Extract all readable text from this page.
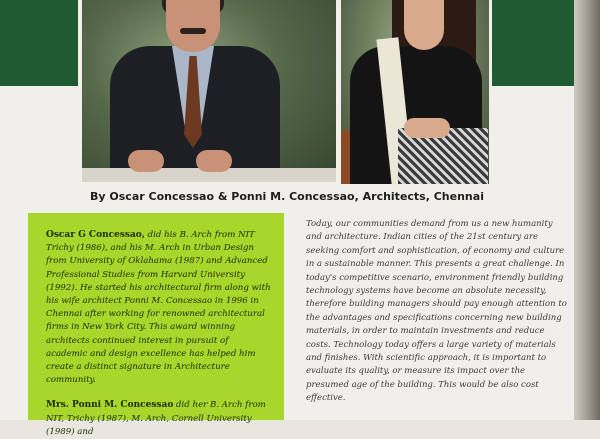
By Oscar Concessao & Ponni M. Concessao, Architects, Chennai

Oscar G Concessao, did his B. Arch from NIT Trichy (1986), and his M. Arch in Urban Design from University of Oklahama (1987) and Advanced Professional Studies from Harvard University (1992). He started his architectural firm along with his wife architect Ponni M. Concessao in 1996 in Chennai after working for renowned architectural firms in New York City. This award winning architects continued interest in pursuit of academic and design excellence has helped him create a distinct signature in Architecture community.

Mrs. Ponni M. Concessao did her B. Arch from NIT, Trichy (1987), M. Arch, Cornell University (1989) and

Today, our communities demand from us a new humanity and architecture. Indian cities of the 21st century are seeking comfort and sophistication, of economy and culture in a sustainable manner. This presents a great challenge. In today's competitive scenario, environment friendly building technology systems have become an absolute necessity, therefore building managers should pay enough attention to the advantages and specifications concerning new building materials, in order to maintain investments and reduce costs. Technology today offers a large variety of materials and finishes. With scientific approach, it is important to evaluate its quality, or measure its impact over the presumed age of the building. This would be also cost effective.
